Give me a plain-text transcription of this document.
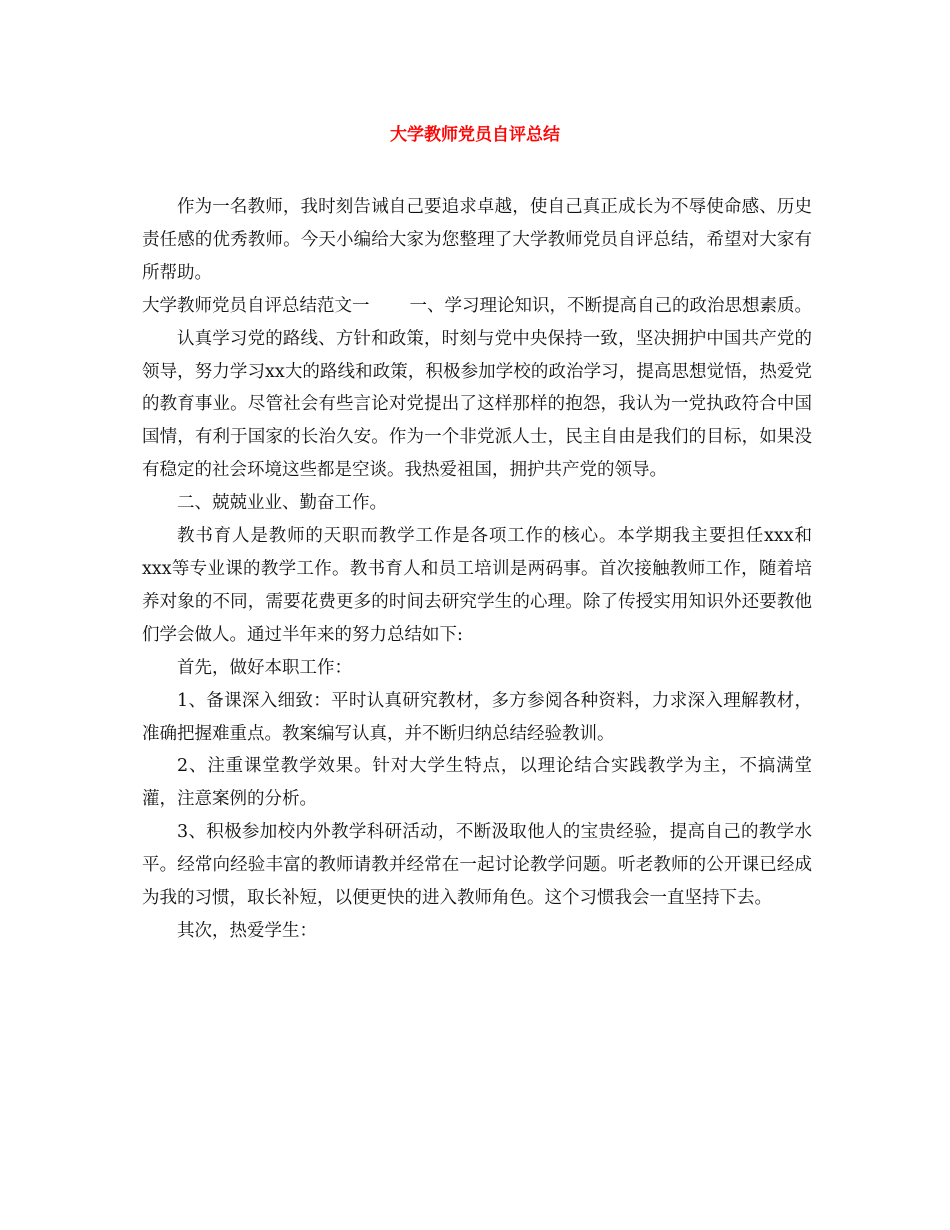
大学教师党员自评总结

作为一名教师，我时刻告诫自己要追求卓越，使自己真正成长为不辱使命感、历史责任感的优秀教师。今天小编给大家为您整理了大学教师党员自评总结，希望对大家有所帮助。

大学教师党员自评总结范文一 一、学习理论知识，不断提高自己的政治思想素质。

认真学习党的路线、方针和政策，时刻与党中央保持一致，坚决拥护中国共产党的领导，努力学习xx大的路线和政策，积极参加学校的政治学习，提高思想觉悟，热爱党的教育事业。尽管社会有些言论对党提出了这样那样的抱怨，我认为一党执政符合中国国情，有利于国家的长治久安。作为一个非党派人士，民主自由是我们的目标，如果没有稳定的社会环境这些都是空谈。我热爱祖国，拥护共产党的领导。

二、兢兢业业、勤奋工作。

教书育人是教师的天职而教学工作是各项工作的核心。本学期我主要担任xxx和xxx等专业课的教学工作。教书育人和员工培训是两码事。首次接触教师工作，随着培养对象的不同，需要花费更多的时间去研究学生的心理。除了传授实用知识外还要教他们学会做人。通过半年来的努力总结如下:

首先，做好本职工作：

1、备课深入细致：平时认真研究教材，多方参阅各种资料，力求深入理解教材，准确把握难重点。教案编写认真，并不断归纳总结经验教训。

2、注重课堂教学效果。针对大学生特点，以理论结合实践教学为主，不搞满堂灌，注意案例的分析。

3、积极参加校内外教学科研活动，不断汲取他人的宝贵经验，提高自己的教学水平。经常向经验丰富的教师请教并经常在一起讨论教学问题。听老教师的公开课已经成为我的习惯，取长补短，以便更快的进入教师角色。这个习惯我会一直坚持下去。

其次，热爱学生：
